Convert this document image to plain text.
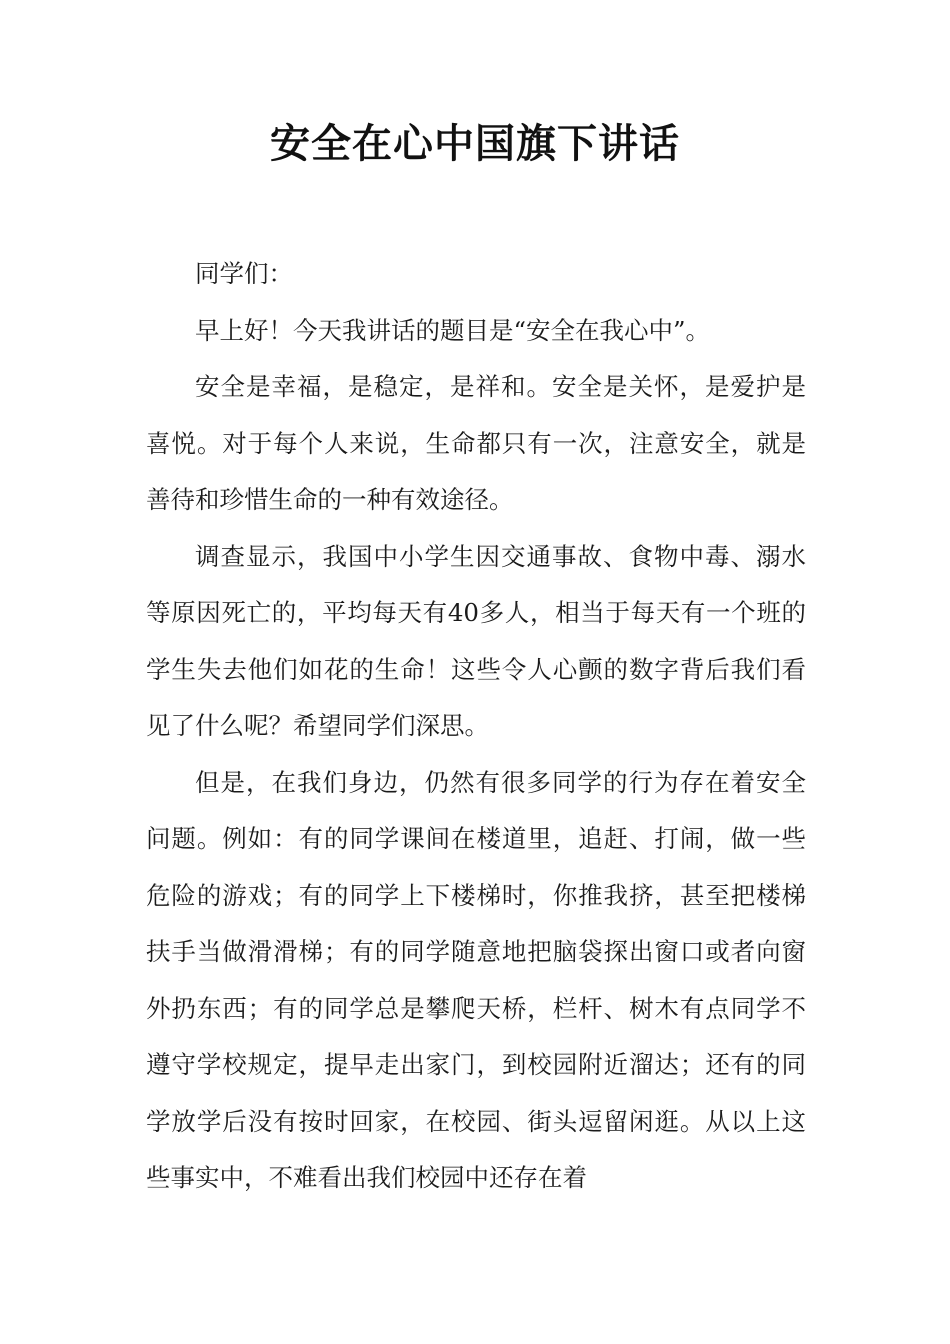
安全在心中国旗下讲话

同学们：

早上好！今天我讲话的题目是“安全在我心中”。

安全是幸福，是稳定，是祥和。安全是关怀，是爱护是喜悦。对于每个人来说，生命都只有一次，注意安全，就是善待和珍惜生命的一种有效途径。

调查显示，我国中小学生因交通事故、食物中毒、溺水等原因死亡的，平均每天有40多人，相当于每天有一个班的学生失去他们如花的生命！这些令人心颤的数字背后我们看见了什么呢？希望同学们深思。

但是，在我们身边，仍然有很多同学的行为存在着安全问题。例如：有的同学课间在楼道里，追赶、打闹，做一些危险的游戏；有的同学上下楼梯时，你推我挤，甚至把楼梯扶手当做滑滑梯；有的同学随意地把脑袋探出窗口或者向窗外扔东西；有的同学总是攀爬天桥，栏杆、树木有点同学不遵守学校规定，提早走出家门，到校园附近溜达；还有的同学放学后没有按时回家，在校园、街头逗留闲逛。从以上这些事实中，不难看出我们校园中还存在着
